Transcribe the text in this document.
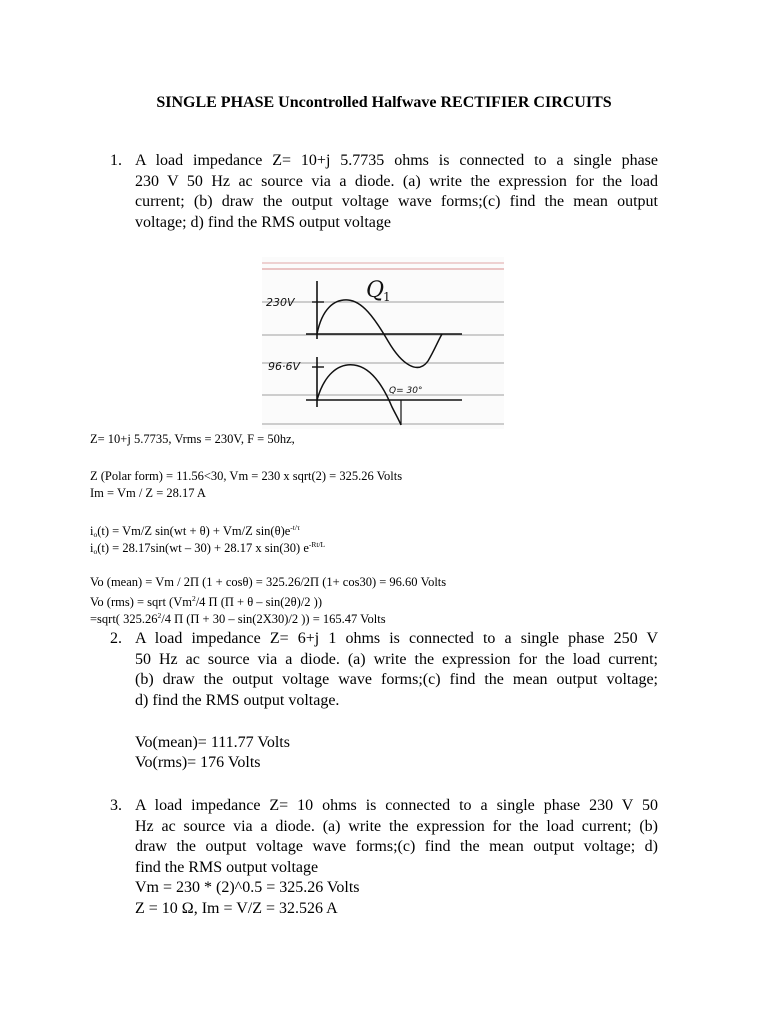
SINGLE PHASE Uncontrolled Halfwave RECTIFIER CIRCUITS
1. A load impedance Z= 10+j 5.7735 ohms is connected to a single phase
230 V 50 Hz ac source via a diode. (a) write the expression for the load
current; (b) draw the output voltage wave forms;(c) find the mean output
voltage; d) find the RMS output voltage
230V
96·6V
Q
1
Q= 30°
Z= 10+j 5.7735, Vrms = 230V, F = 50hz,
Z (Polar form) = 11.56<30, Vm = 230 x sqrt(2) = 325.26 Volts
Im = Vm / Z = 28.17 A
$i_o(t) = Vm/Z$ sin(wt + θ) + Vm/Z $\sin(\theta)e^{-t/\tau}$
$i_o(t) = 28.17\sin(wt - 30) + 28.17$ x sin(30) $e^{-Rt/L}$
Vo (mean) = Vm / 2Π (1 + cosθ) = 325.26/2Π (1+ cos30) = 96.60 Volts
Vo (rms) = sqrt (Vm$^2$/4 Π (Π + θ – sin(2θ)/2 ))
=sqrt( 325.26$^2$/4 Π (Π + 30 – sin(2X30)/2 )) = 165.47 Volts
2. A load impedance Z= 6+j 1 ohms is connected to a single phase 250 V
50 Hz ac source via a diode. (a) write the expression for the load current;
(b) draw the output voltage wave forms;(c) find the mean output voltage;
d) find the RMS output voltage.
Vo(mean)= 111.77 Volts
Vo(rms)= 176 Volts
3. A load impedance Z= 10 ohms is connected to a single phase 230 V 50
Hz ac source via a diode. (a) write the expression for the load current; (b)
draw the output voltage wave forms;(c) find the mean output voltage; d)
find the RMS output voltage
Vm = 230 * (2)^0.5 = 325.26 Volts
Z = 10 Ω, Im = V/Z = 32.526 A
